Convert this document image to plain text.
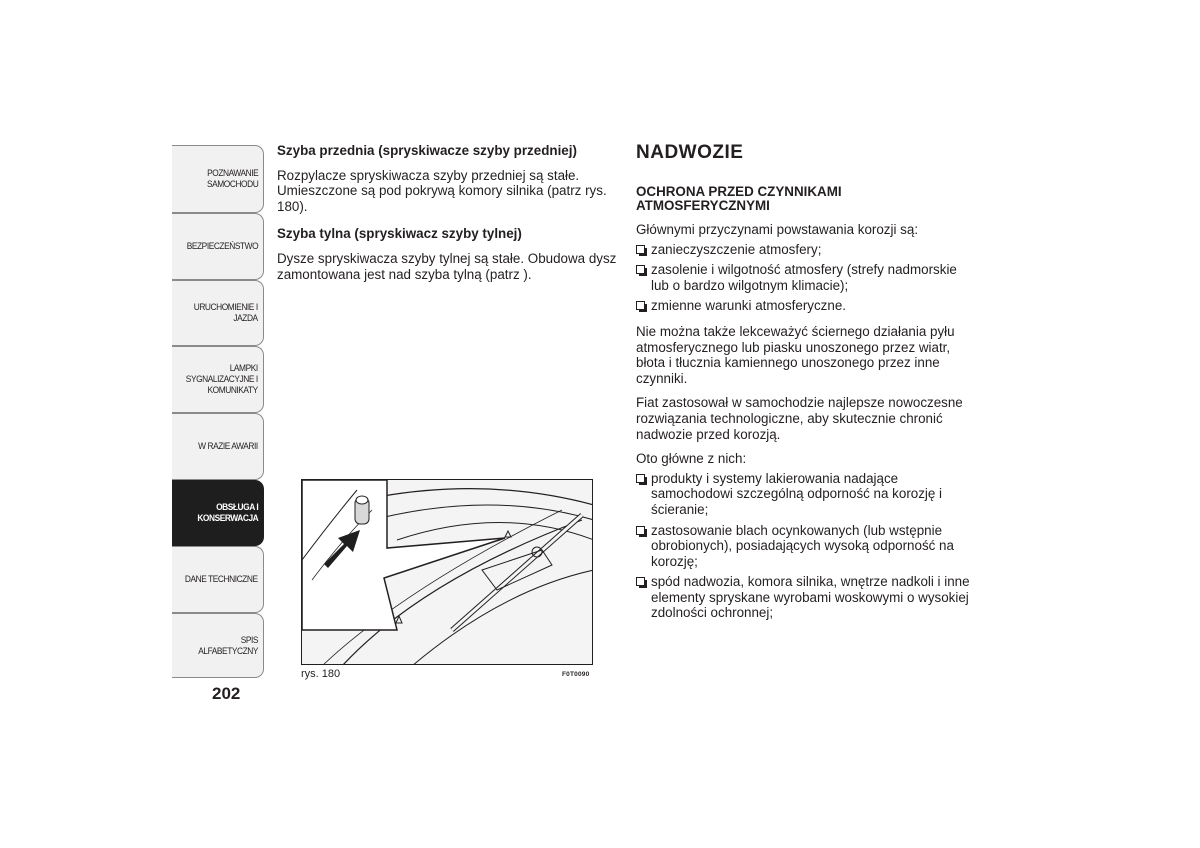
POZNAWANIE
SAMOCHODU
BEZPIECZEŃSTWO
URUCHOMIENIE I
JAZDA
LAMPKI
SYGNALIZACYJNE I
KOMUNIKATY
W RAZIE AWARII
OBSŁUGA I
KONSERWACJA
DANE TECHNICZNE
SPIS ALFABETYCZNY
202
Szyba przednia (spryskiwacze szyby przedniej)

Rozpylacze spryskiwacza szyby przedniej są stałe. Umieszczone są pod pokrywą komory silnika (patrz rys. 180).

Szyba tylna (spryskiwacz szyby tylnej)

Dysze spryskiwacza szyby tylnej są stałe. Obudowa dysz zamontowana jest nad szyba tylną (patrz ).

rys. 180	F0T0090
NADWOZIE
OCHRONA PRZED CZYNNIKAMI ATMOSFERYCZNYMI

Głównymi przyczynami powstawania korozji są:

zanieczyszczenie atmosfery;
zasolenie i wilgotność atmosfery (strefy nadmorskie lub o bardzo wilgotnym klimacie);
zmienne warunki atmosferyczne.

Nie można także lekceważyć ściernego działania pyłu atmosferycznego lub piasku unoszonego przez wiatr, błota i tłucznia kamiennego unoszonego przez inne czynniki.

Fiat zastosował w samochodzie najlepsze nowoczesne rozwiązania technologiczne, aby skutecznie chronić nadwozie przed korozją.

Oto główne z nich:

produkty i systemy lakierowania nadające samochodowi szczególną odporność na korozję i ścieranie;
zastosowanie blach ocynkowanych (lub wstępnie obrobionych), posiadających wysoką odporność na korozję;
spód nadwozia, komora silnika, wnętrze nadkoli i inne elementy spryskane wyrobami woskowymi o wysokiej zdolności ochronnej;
